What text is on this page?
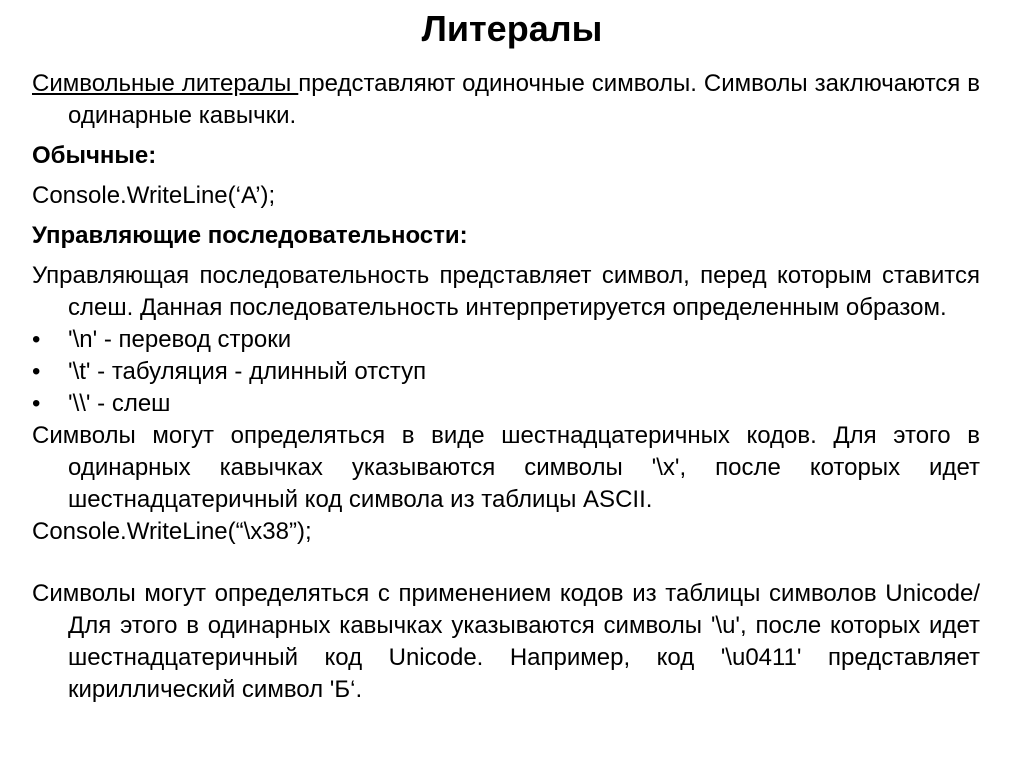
Литералы

Символьные литералы представляют одиночные символы. Символы заключаются в одинарные кавычки.

Обычные:

Console.WriteLine(‘A’);

Управляющие последовательности:

Управляющая последовательность представляет символ, перед которым ставится слеш. Данная последовательность интерпретируется определенным образом.

• '\n' - перевод строки
• '\t' - табуляция - длинный отступ
• '\\' - слеш

Символы могут определяться в виде шестнадцатеричных кодов. Для этого в одинарных кавычках указываются символы '\x', после которых идет шестнадцатеричный код символа из таблицы ASCII.

Console.WriteLine(“\x38”);

Символы могут определяться с применением кодов из таблицы символов Unicode/ Для этого в одинарных кавычках указываются символы '\u', после которых идет шестнадцатеричный код Unicode. Например, код '\u0411' представляет кириллический символ 'Б‘.
